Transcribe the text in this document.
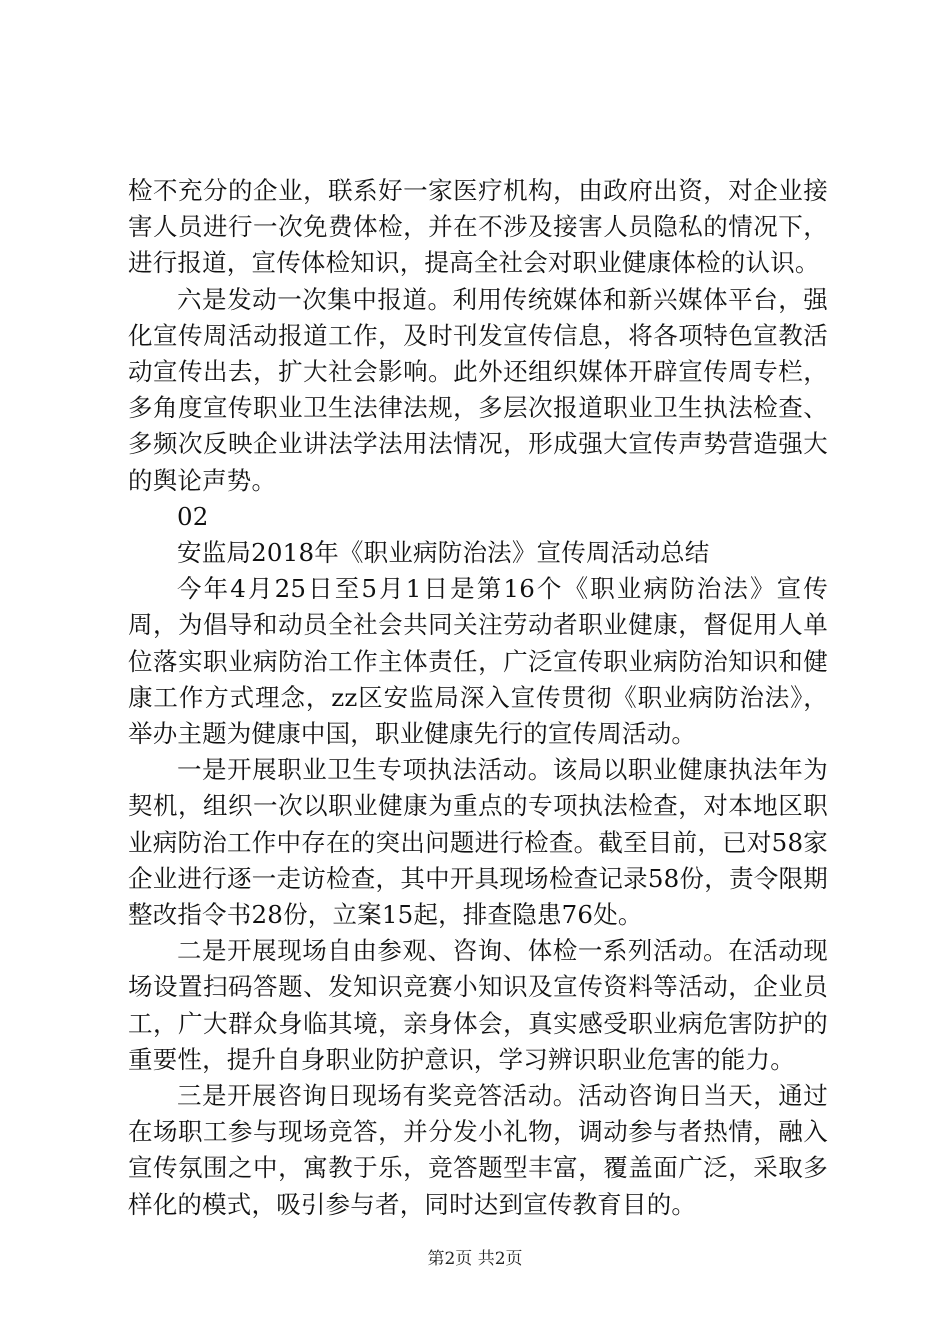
检不充分的企业，联系好一家医疗机构，由政府出资，对企业接害人员进行一次免费体检，并在不涉及接害人员隐私的情况下，进行报道，宣传体检知识，提高全社会对职业健康体检的认识。

六是发动一次集中报道。利用传统媒体和新兴媒体平台，强化宣传周活动报道工作，及时刊发宣传信息，将各项特色宣教活动宣传出去，扩大社会影响。此外还组织媒体开辟宣传周专栏，多角度宣传职业卫生法律法规，多层次报道职业卫生执法检查、多频次反映企业讲法学法用法情况，形成强大宣传声势营造强大的舆论声势。

02

安监局2018年《职业病防治法》宣传周活动总结

今年4月25日至5月1日是第16个《职业病防治法》宣传周，为倡导和动员全社会共同关注劳动者职业健康，督促用人单位落实职业病防治工作主体责任，广泛宣传职业病防治知识和健康工作方式理念，zz区安监局深入宣传贯彻《职业病防治法》，举办主题为健康中国，职业健康先行的宣传周活动。

一是开展职业卫生专项执法活动。该局以职业健康执法年为契机，组织一次以职业健康为重点的专项执法检查，对本地区职业病防治工作中存在的突出问题进行检查。截至目前，已对58家企业进行逐一走访检查，其中开具现场检查记录58份，责令限期整改指令书28份，立案15起，排查隐患76处。

二是开展现场自由参观、咨询、体检一系列活动。在活动现场设置扫码答题、发知识竞赛小知识及宣传资料等活动，企业员工，广大群众身临其境，亲身体会，真实感受职业病危害防护的重要性，提升自身职业防护意识，学习辨识职业危害的能力。

三是开展咨询日现场有奖竞答活动。活动咨询日当天，通过在场职工参与现场竞答，并分发小礼物，调动参与者热情，融入宣传氛围之中，寓教于乐，竞答题型丰富，覆盖面广泛，采取多样化的模式，吸引参与者，同时达到宣传教育目的。

第2页 共2页
